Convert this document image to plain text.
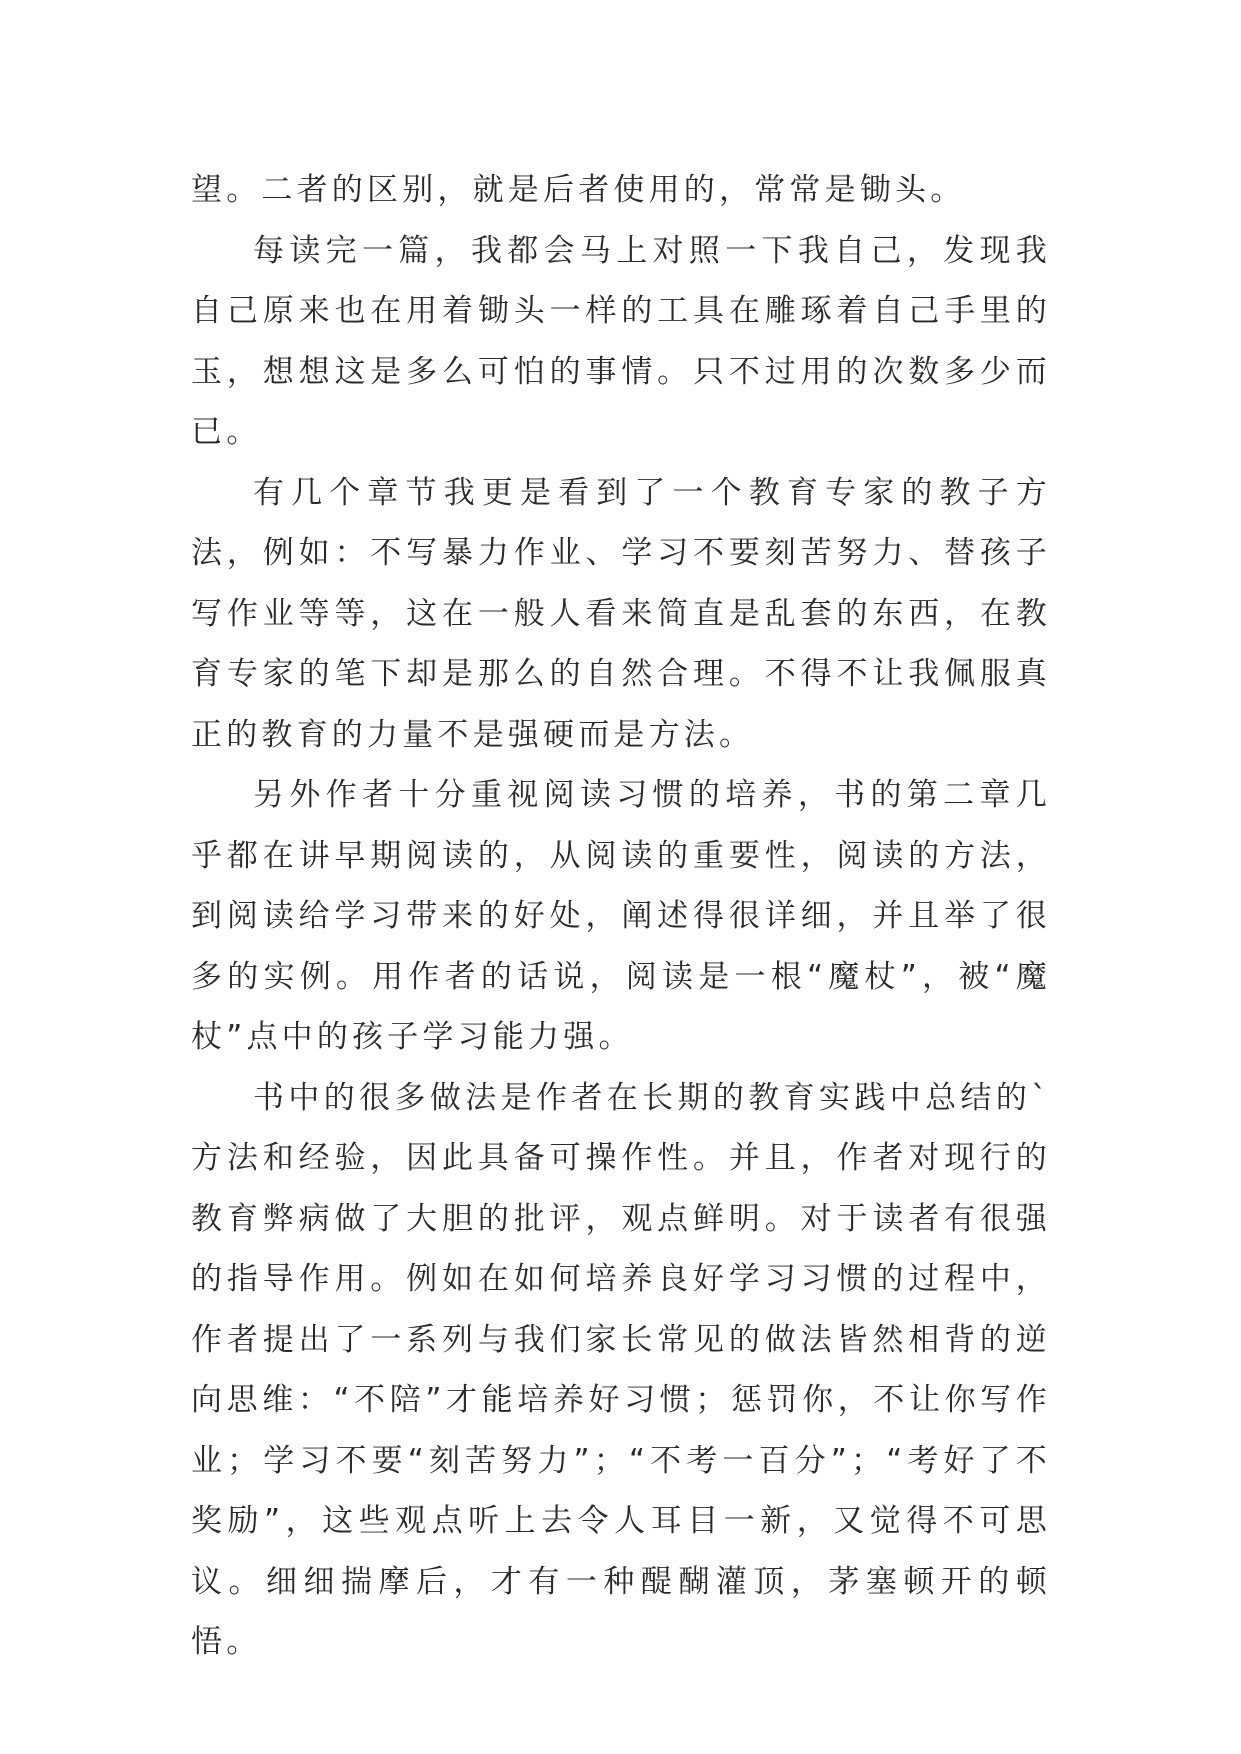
望。二者的区别，就是后者使用的，常常是锄头。

每读完一篇，我都会马上对照一下我自己，发现我自己原来也在用着锄头一样的工具在雕琢着自己手里的玉，想想这是多么可怕的事情。只不过用的次数多少而已。

有几个章节我更是看到了一个教育专家的教子方法，例如：不写暴力作业、学习不要刻苦努力、替孩子写作业等等，这在一般人看来简直是乱套的东西，在教育专家的笔下却是那么的自然合理。不得不让我佩服真正的教育的力量不是强硬而是方法。

另外作者十分重视阅读习惯的培养，书的第二章几乎都在讲早期阅读的，从阅读的重要性，阅读的方法，到阅读给学习带来的好处，阐述得很详细，并且举了很多的实例。用作者的话说，阅读是一根“魔杖”，被“魔杖”点中的孩子学习能力强。

书中的很多做法是作者在长期的教育实践中总结的`方法和经验，因此具备可操作性。并且，作者对现行的教育弊病做了大胆的批评，观点鲜明。对于读者有很强的指导作用。例如在如何培养良好学习习惯的过程中，作者提出了一系列与我们家长常见的做法皆然相背的逆向思维：“不陪”才能培养好习惯；惩罚你，不让你写作业；学习不要“刻苦努力”；“不考一百分”；“考好了不奖励”，这些观点听上去令人耳目一新，又觉得不可思议。细细揣摩后，才有一种醍醐灌顶，茅塞顿开的顿悟。
